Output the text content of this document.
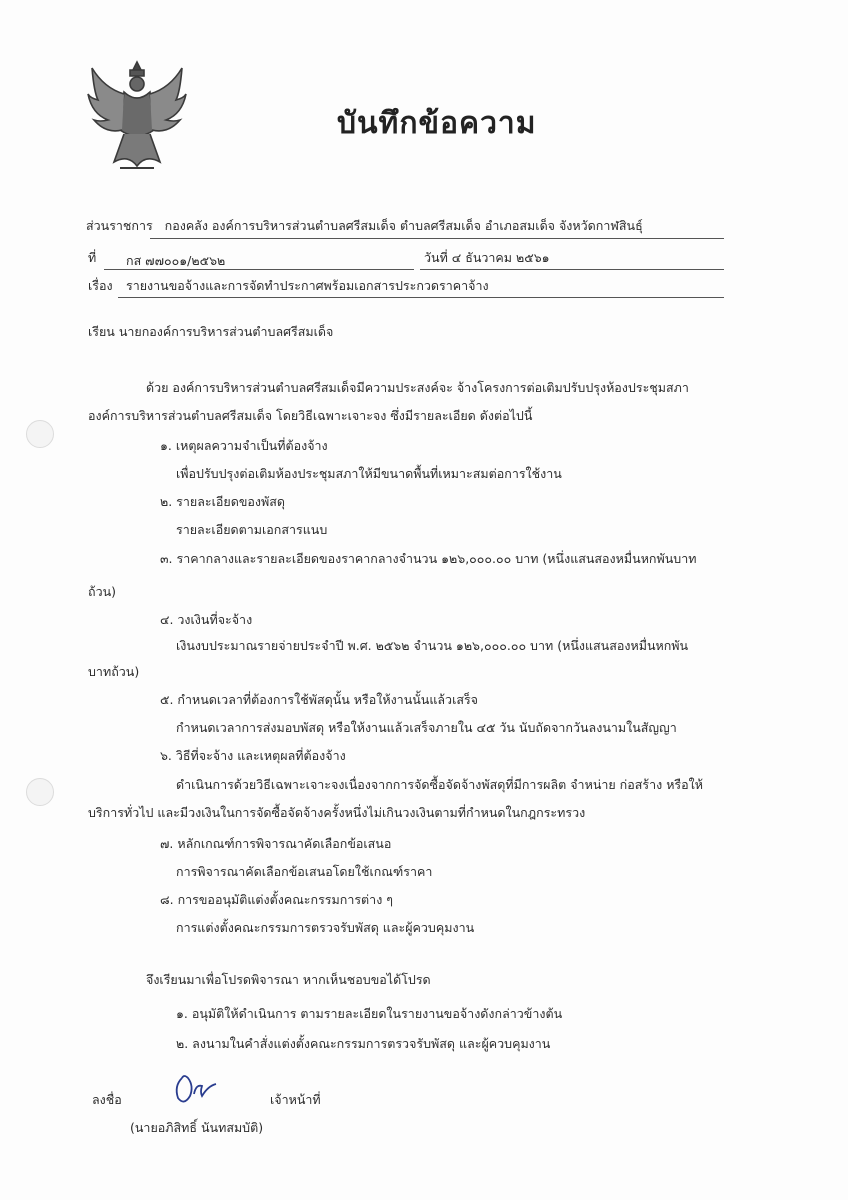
บันทึกข้อความ
ส่วนราชการ กองคลัง องค์การบริหารส่วนตำบลศรีสมเด็จ ตำบลศรีสมเด็จ อำเภอสมเด็จ จังหวัดกาฬสินธุ์
ที่ กส ๗๗๐๐๑/๒๕๖๒	วันที่ ๔ ธันวาคม ๒๕๖๑
เรื่อง รายงานขอจ้างและการจัดทำประกาศพร้อมเอกสารประกวดราคาจ้าง
เรียน นายกองค์การบริหารส่วนตำบลศรีสมเด็จ
ด้วย องค์การบริหารส่วนตำบลศรีสมเด็จมีความประสงค์จะ จ้างโครงการต่อเติมปรับปรุงห้องประชุมสภา
องค์การบริหารส่วนตำบลศรีสมเด็จ โดยวิธีเฉพาะเจาะจง ซึ่งมีรายละเอียด ดังต่อไปนี้
๑. เหตุผลความจำเป็นที่ต้องจ้าง
เพื่อปรับปรุงต่อเติมห้องประชุมสภาให้มีขนาดพื้นที่เหมาะสมต่อการใช้งาน
๒. รายละเอียดของพัสดุ
รายละเอียดตามเอกสารแนบ
๓. ราคากลางและรายละเอียดของราคากลางจำนวน ๑๒๖,๐๐๐.๐๐ บาท (หนึ่งแสนสองหมื่นหกพันบาท
ถ้วน)
๔. วงเงินที่จะจ้าง
เงินงบประมาณรายจ่ายประจำปี พ.ศ. ๒๕๖๒ จำนวน ๑๒๖,๐๐๐.๐๐ บาท (หนึ่งแสนสองหมื่นหกพัน
บาทถ้วน)
๕. กำหนดเวลาที่ต้องการใช้พัสดุนั้น หรือให้งานนั้นแล้วเสร็จ
กำหนดเวลาการส่งมอบพัสดุ หรือให้งานแล้วเสร็จภายใน ๔๕ วัน นับถัดจากวันลงนามในสัญญา
๖. วิธีที่จะจ้าง และเหตุผลที่ต้องจ้าง
ดำเนินการด้วยวิธีเฉพาะเจาะจงเนื่องจากการจัดซื้อจัดจ้างพัสดุที่มีการผลิต จำหน่าย ก่อสร้าง หรือให้
บริการทั่วไป และมีวงเงินในการจัดซื้อจัดจ้างครั้งหนึ่งไม่เกินวงเงินตามที่กำหนดในกฎกระทรวง
๗. หลักเกณฑ์การพิจารณาคัดเลือกข้อเสนอ
การพิจารณาคัดเลือกข้อเสนอโดยใช้เกณฑ์ราคา
๘. การขออนุมัติแต่งตั้งคณะกรรมการต่าง ๆ
การแต่งตั้งคณะกรรมการตรวจรับพัสดุ และผู้ควบคุมงาน
จึงเรียนมาเพื่อโปรดพิจารณา หากเห็นชอบขอได้โปรด
๑. อนุมัติให้ดำเนินการ ตามรายละเอียดในรายงานขอจ้างดังกล่าวข้างต้น
๒. ลงนามในคำสั่งแต่งตั้งคณะกรรมการตรวจรับพัสดุ และผู้ควบคุมงาน
ลงชื่อ	เจ้าหน้าที่
(นายอภิสิทธิ์ นันทสมบัติ)
